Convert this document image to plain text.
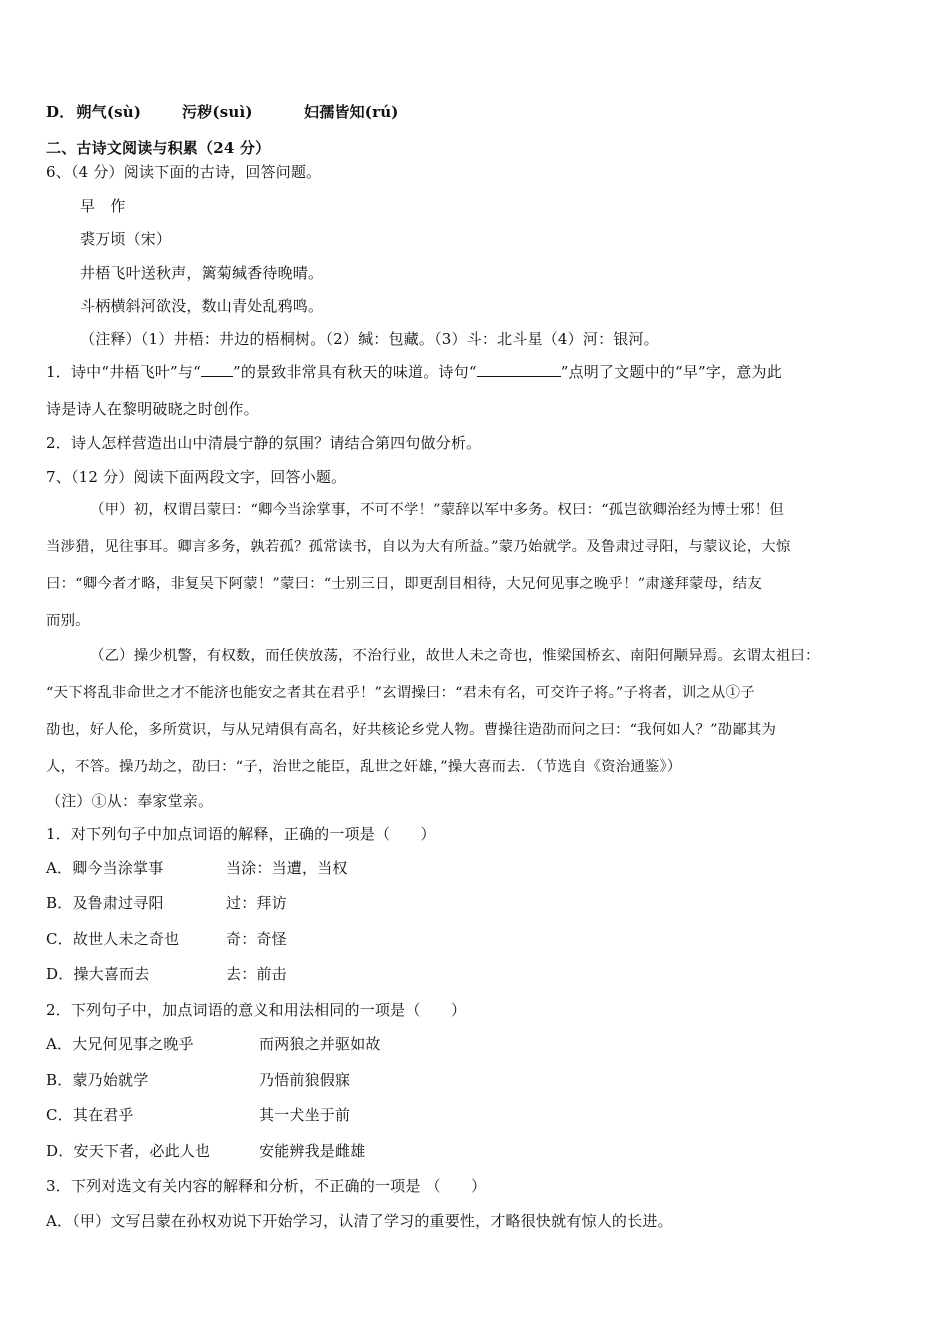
D． 朔气(sù)	污秽(suì)	妇孺皆知(rú)
二、古诗文阅读与积累（24 分）
6、（4 分）阅读下面的古诗，回答问题。
早　作
裘万顷（宋）
井梧飞叶送秋声，篱菊缄香待晚晴。
斗柄横斜河欲没，数山青处乱鸦鸣。
（注释）（1）井梧：井边的梧桐树。（2）缄：包藏。（3）斗：北斗星（4）河：银河。
1．诗中“井梧飞叶”与“ ”的景致非常具有秋天的味道。诗句“	”点明了文题中的“早”字，意为此
诗是诗人在黎明破晓之时创作。
2．诗人怎样营造出山中清晨宁静的氛围？请结合第四句做分析。
7、（12 分）阅读下面两段文字，回答小题。
（甲）初，权谓吕蒙曰：“卿今当涂掌事，不可不学！”蒙辞以军中多务。权曰：“孤岂欲卿治经为博士邪！但
当涉猎，见往事耳。卿言多务，孰若孤？孤常读书，自以为大有所益。”蒙乃始就学。及鲁肃过寻阳，与蒙议论，大惊
曰：“卿今者才略，非复吴下阿蒙！”蒙曰：“士别三日，即更刮目相待，大兄何见事之晚乎！”肃遂拜蒙母，结友
而别。
（乙）操少机警，有权数，而任侠放荡，不治行业，故世人未之奇也，惟梁国桥玄、南阳何颙异焉。玄谓太祖曰：
“天下将乱非命世之才不能济也能安之者其在君乎！”玄谓操曰：“君未有名，可交许子将。”子将者，训之从①子
劭也，好人伦，多所赏识，与从兄靖俱有高名，好共核论乡党人物。曹操往造劭而问之曰：“我何如人？”劭鄙其为
人，不答。操乃劫之，劭曰：“子，治世之能臣，乱世之奸雄，”操大喜而去．（节选自《资治通鉴》）
（注）①从：奉家堂亲。
1．对下列句子中加点词语的解释，正确的一项是（　　）
A．卿今当涂掌事	当涂：当遭，当权
B．及鲁肃过寻阳	过：拜访
C．故世人未之奇也	奇：奇怪
D．操大喜而去	去：前击
2．下列句子中，加点词语的意义和用法相同的一项是（　　）
A．大兄何见事之晚乎	而两狼之并驱如故
B．蒙乃始就学	乃悟前狼假寐
C．其在君乎	其一犬坐于前
D．安天下者，必此人也	安能辨我是雌雄
3．下列对选文有关内容的解释和分析，不正确的一项是 （　　）
A．（甲）文写吕蒙在孙权劝说下开始学习，认清了学习的重要性，才略很快就有惊人的长进。
